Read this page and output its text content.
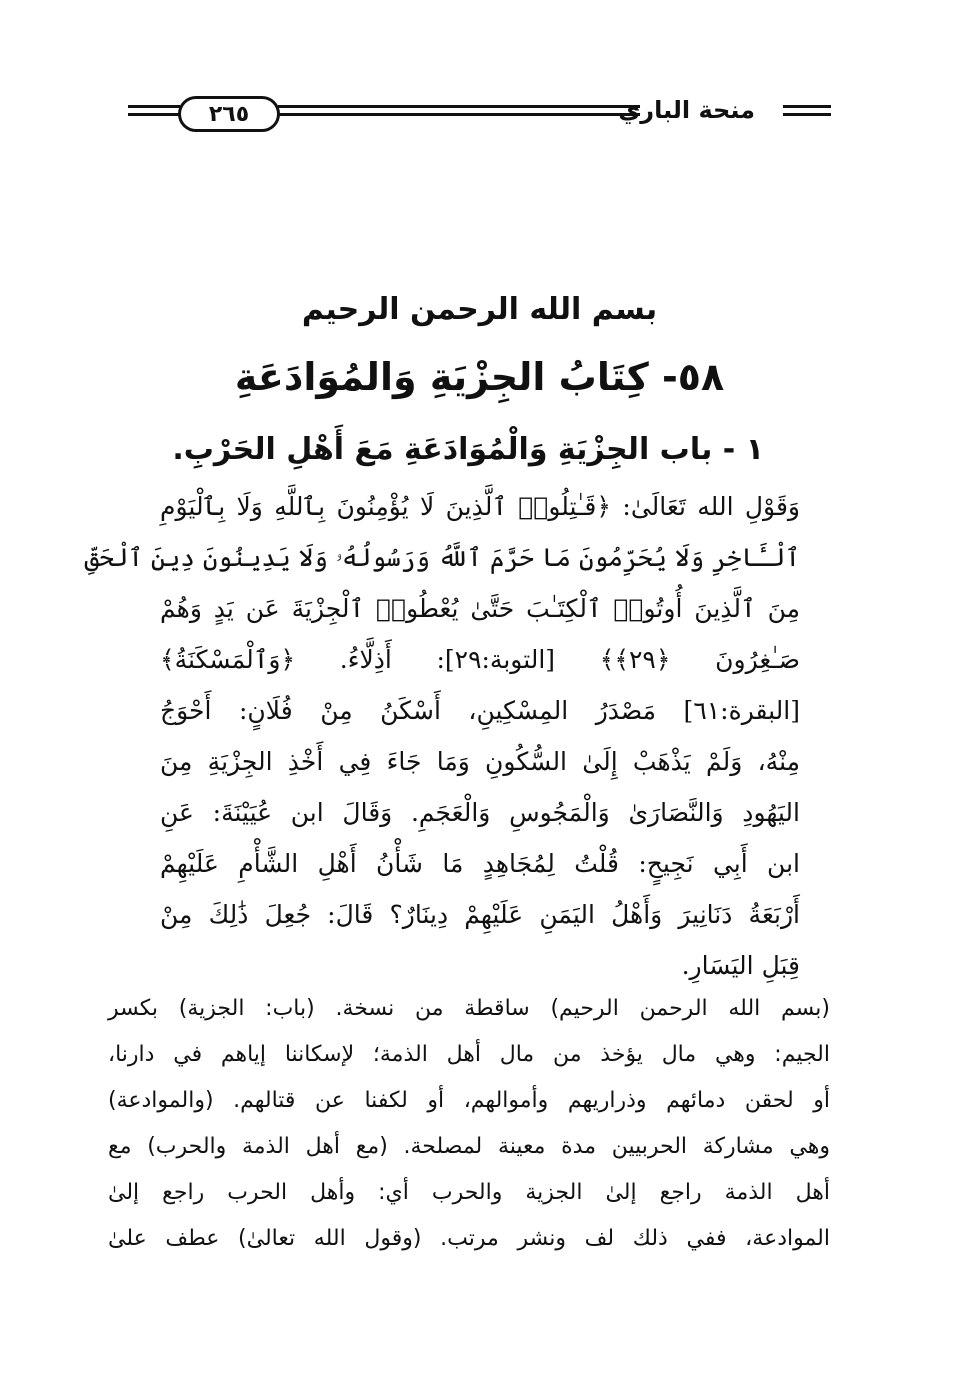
٢٦٥	منحة الباري
بسم الله الرحمن الرحيم
٥٨- كِتَابُ الجِزْيَةِ وَالمُوَادَعَةِ
١ - باب الجِزْيَةِ وَالْمُوَادَعَةِ مَعَ أَهْلِ الحَرْبِ.
وَقَوْلِ الله تَعَالَىٰ: ﴿قَـٰتِلُوا۟ ٱلَّذِينَ لَا يُؤْمِنُونَ بِٱللَّهِ وَلَا بِٱلْيَوْمِ
ٱلْـَٔاخِرِ وَلَا يُحَرِّمُونَ مَا حَرَّمَ ٱللَّهُ وَرَسُولُهُۥ وَلَا يَدِينُونَ دِينَ ٱلْحَقِّ
مِنَ ٱلَّذِينَ أُوتُوا۟ ٱلْكِتَـٰبَ حَتَّىٰ يُعْطُوا۟ ٱلْجِزْيَةَ عَن يَدٍ وَهُمْ
صَـٰغِرُونَ ﴿٢٩﴾﴾ [التوبة:٢٩]: أَذِلَّاءُ. ﴿وَٱلْمَسْكَنَةُ﴾
[البقرة:٦١] مَصْدَرُ المِسْكِينِ، أَسْكَنُ مِنْ فُلَانٍ: أَحْوَجُ
مِنْهُ، وَلَمْ يَذْهَبْ إِلَىٰ السُّكُونِ وَمَا جَاءَ فِي أَخْذِ الجِزْيَةِ مِنَ
اليَهُودِ وَالنَّصَارَىٰ وَالْمَجُوسِ وَالْعَجَمِ. وَقَالَ ابن عُيَيْنَةَ: عَنِ
ابن أَبِي نَجِيحٍ: قُلْتُ لِمُجَاهِدٍ مَا شَأْنُ أَهْلِ الشَّأْمِ عَلَيْهِمْ
أَرْبَعَةُ دَنَانِيرَ وَأَهْلُ اليَمَنِ عَلَيْهِمْ دِينَارٌ؟ قَالَ: جُعِلَ ذَٰلِكَ مِنْ
قِبَلِ اليَسَارِ.
(بسم الله الرحمن الرحيم) ساقطة من نسخة. (باب: الجزية) بكسر
الجيم: وهي مال يؤخذ من مال أهل الذمة؛ لإسكاننا إياهم في دارنا،
أو لحقن دمائهم وذراريهم وأموالهم، أو لكفنا عن قتالهم. (والموادعة)
وهي مشاركة الحربيين مدة معينة لمصلحة. (مع أهل الذمة والحرب) مع
أهل الذمة راجع إلىٰ الجزية والحرب أي: وأهل الحرب راجع إلىٰ
الموادعة، ففي ذلك لف ونشر مرتب. (وقول الله تعالىٰ) عطف علىٰ
